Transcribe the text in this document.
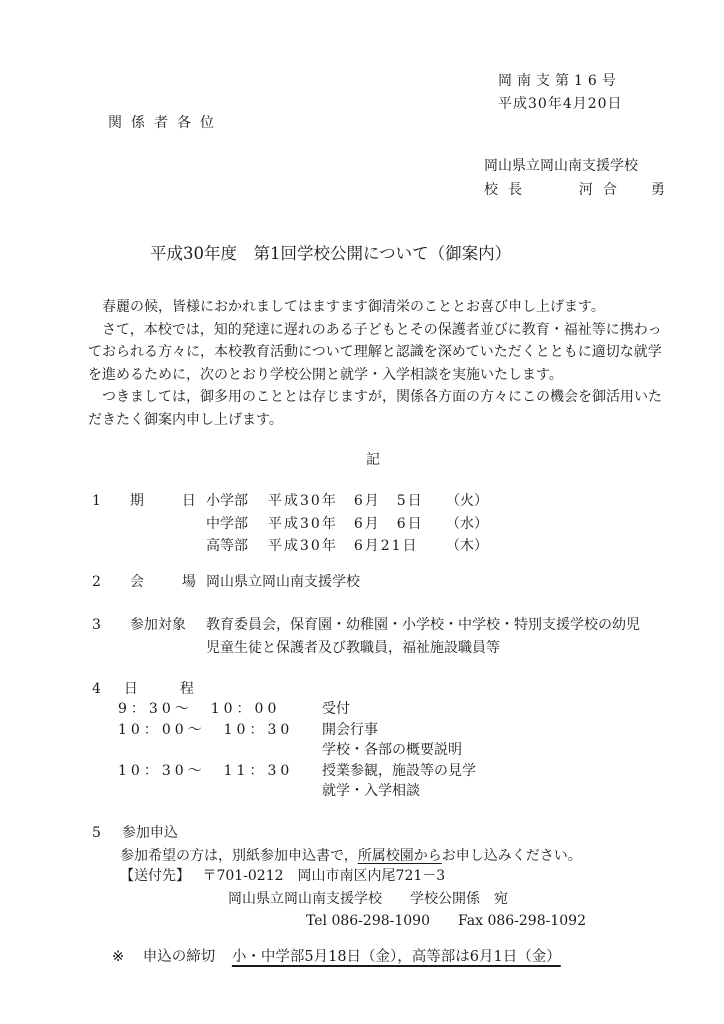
岡南支第16号
平成30年4月20日
関係者各位
岡山県立岡山南支援学校
校長	河合　勇
平成30年度　第1回学校公開について（御案内）

春麗の候，皆様におかれましてはますます御清栄のこととお喜び申し上げます。

さて，本校では，知的発達に遅れのある子どもとその保護者並びに教育・福祉等に携わっておられる方々に，本校教育活動について理解と認識を深めていただくとともに適切な就学を進めるために，次のとおり学校公開と就学・入学相談を実施いたします。

つきましては，御多用のこととは存じますが，関係各方面の方々にこの機会を御活用いただきたく御案内申し上げます。

記
1 期　日
小学部	平成30年　6月　5日	（火）
中学部	平成30年　6月　6日	（水）
高等部	平成30年　6月21日	（木）
2 会　場
岡山県立岡山南支援学校
3 参加対象	教育委員会，保育園・幼稚園・小学校・中学校・特別支援学校の幼児
児童生徒と保護者及び教職員，福祉施設職員等
4 日　程
9：30～　10：00	受付
10：00～　10：30	開会行事
学校・各部の概要説明
10：30～　11：30	授業参観，施設等の見学
就学・入学相談
5 参加申込
参加希望の方は，別紙参加申込書で，所属校園からお申し込みください。
【送付先】 〒701-0212　岡山市南区内尾721－3
岡山県立岡山南支援学校　　学校公開係　宛
Tel 086-298-1090　　Fax 086-298-1092
※ 申込の締切 小・中学部5月18日（金），高等部は6月1日（金）
